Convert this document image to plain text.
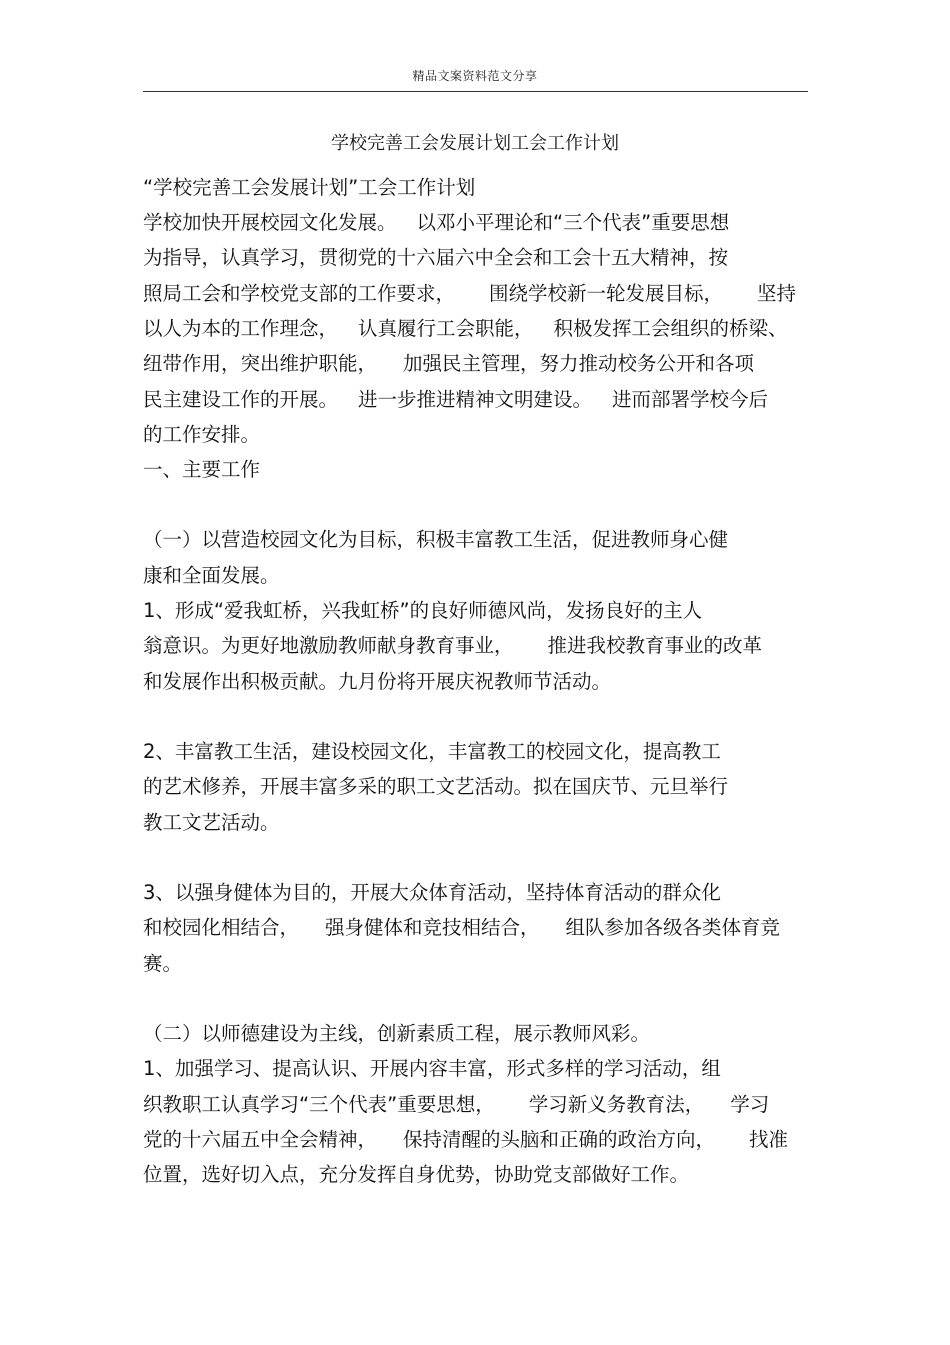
精品文案资料范文分享
学校完善工会发展计划工会工作计划
“学校完善工会发展计划”工会工作计划
学校加快开展校园文化发展。 以邓小平理论和“三个代表”重要思想
为指导，认真学习，贯彻党的十六届六中全会和工会十五大精神，按
照局工会和学校党支部的工作要求， 围绕学校新一轮发展目标， 坚持
以人为本的工作理念， 认真履行工会职能， 积极发挥工会组织的桥梁、
纽带作用，突出维护职能， 加强民主管理，努力推动校务公开和各项
民主建设工作的开展。 进一步推进精神文明建设。 进而部署学校今后
的工作安排。
一、主要工作
（一）以营造校园文化为目标，积极丰富教工生活，促进教师身心健
康和全面发展。
1、形成“爱我虹桥，兴我虹桥”的良好师德风尚，发扬良好的主人
翁意识。为更好地激励教师献身教育事业， 推进我校教育事业的改革
和发展作出积极贡献。九月份将开展庆祝教师节活动。
2、丰富教工生活，建设校园文化，丰富教工的校园文化，提高教工
的艺术修养，开展丰富多采的职工文艺活动。拟在国庆节、元旦举行
教工文艺活动。
3、以强身健体为目的，开展大众体育活动，坚持体育活动的群众化
和校园化相结合， 强身健体和竞技相结合， 组队参加各级各类体育竞
赛。
（二）以师德建设为主线，创新素质工程，展示教师风彩。
1、加强学习、提高认识、开展内容丰富，形式多样的学习活动，组
织教职工认真学习“三个代表”重要思想， 学习新义务教育法， 学习
党的十六届五中全会精神， 保持清醒的头脑和正确的政治方向， 找准
位置，选好切入点，充分发挥自身优势，协助党支部做好工作。
